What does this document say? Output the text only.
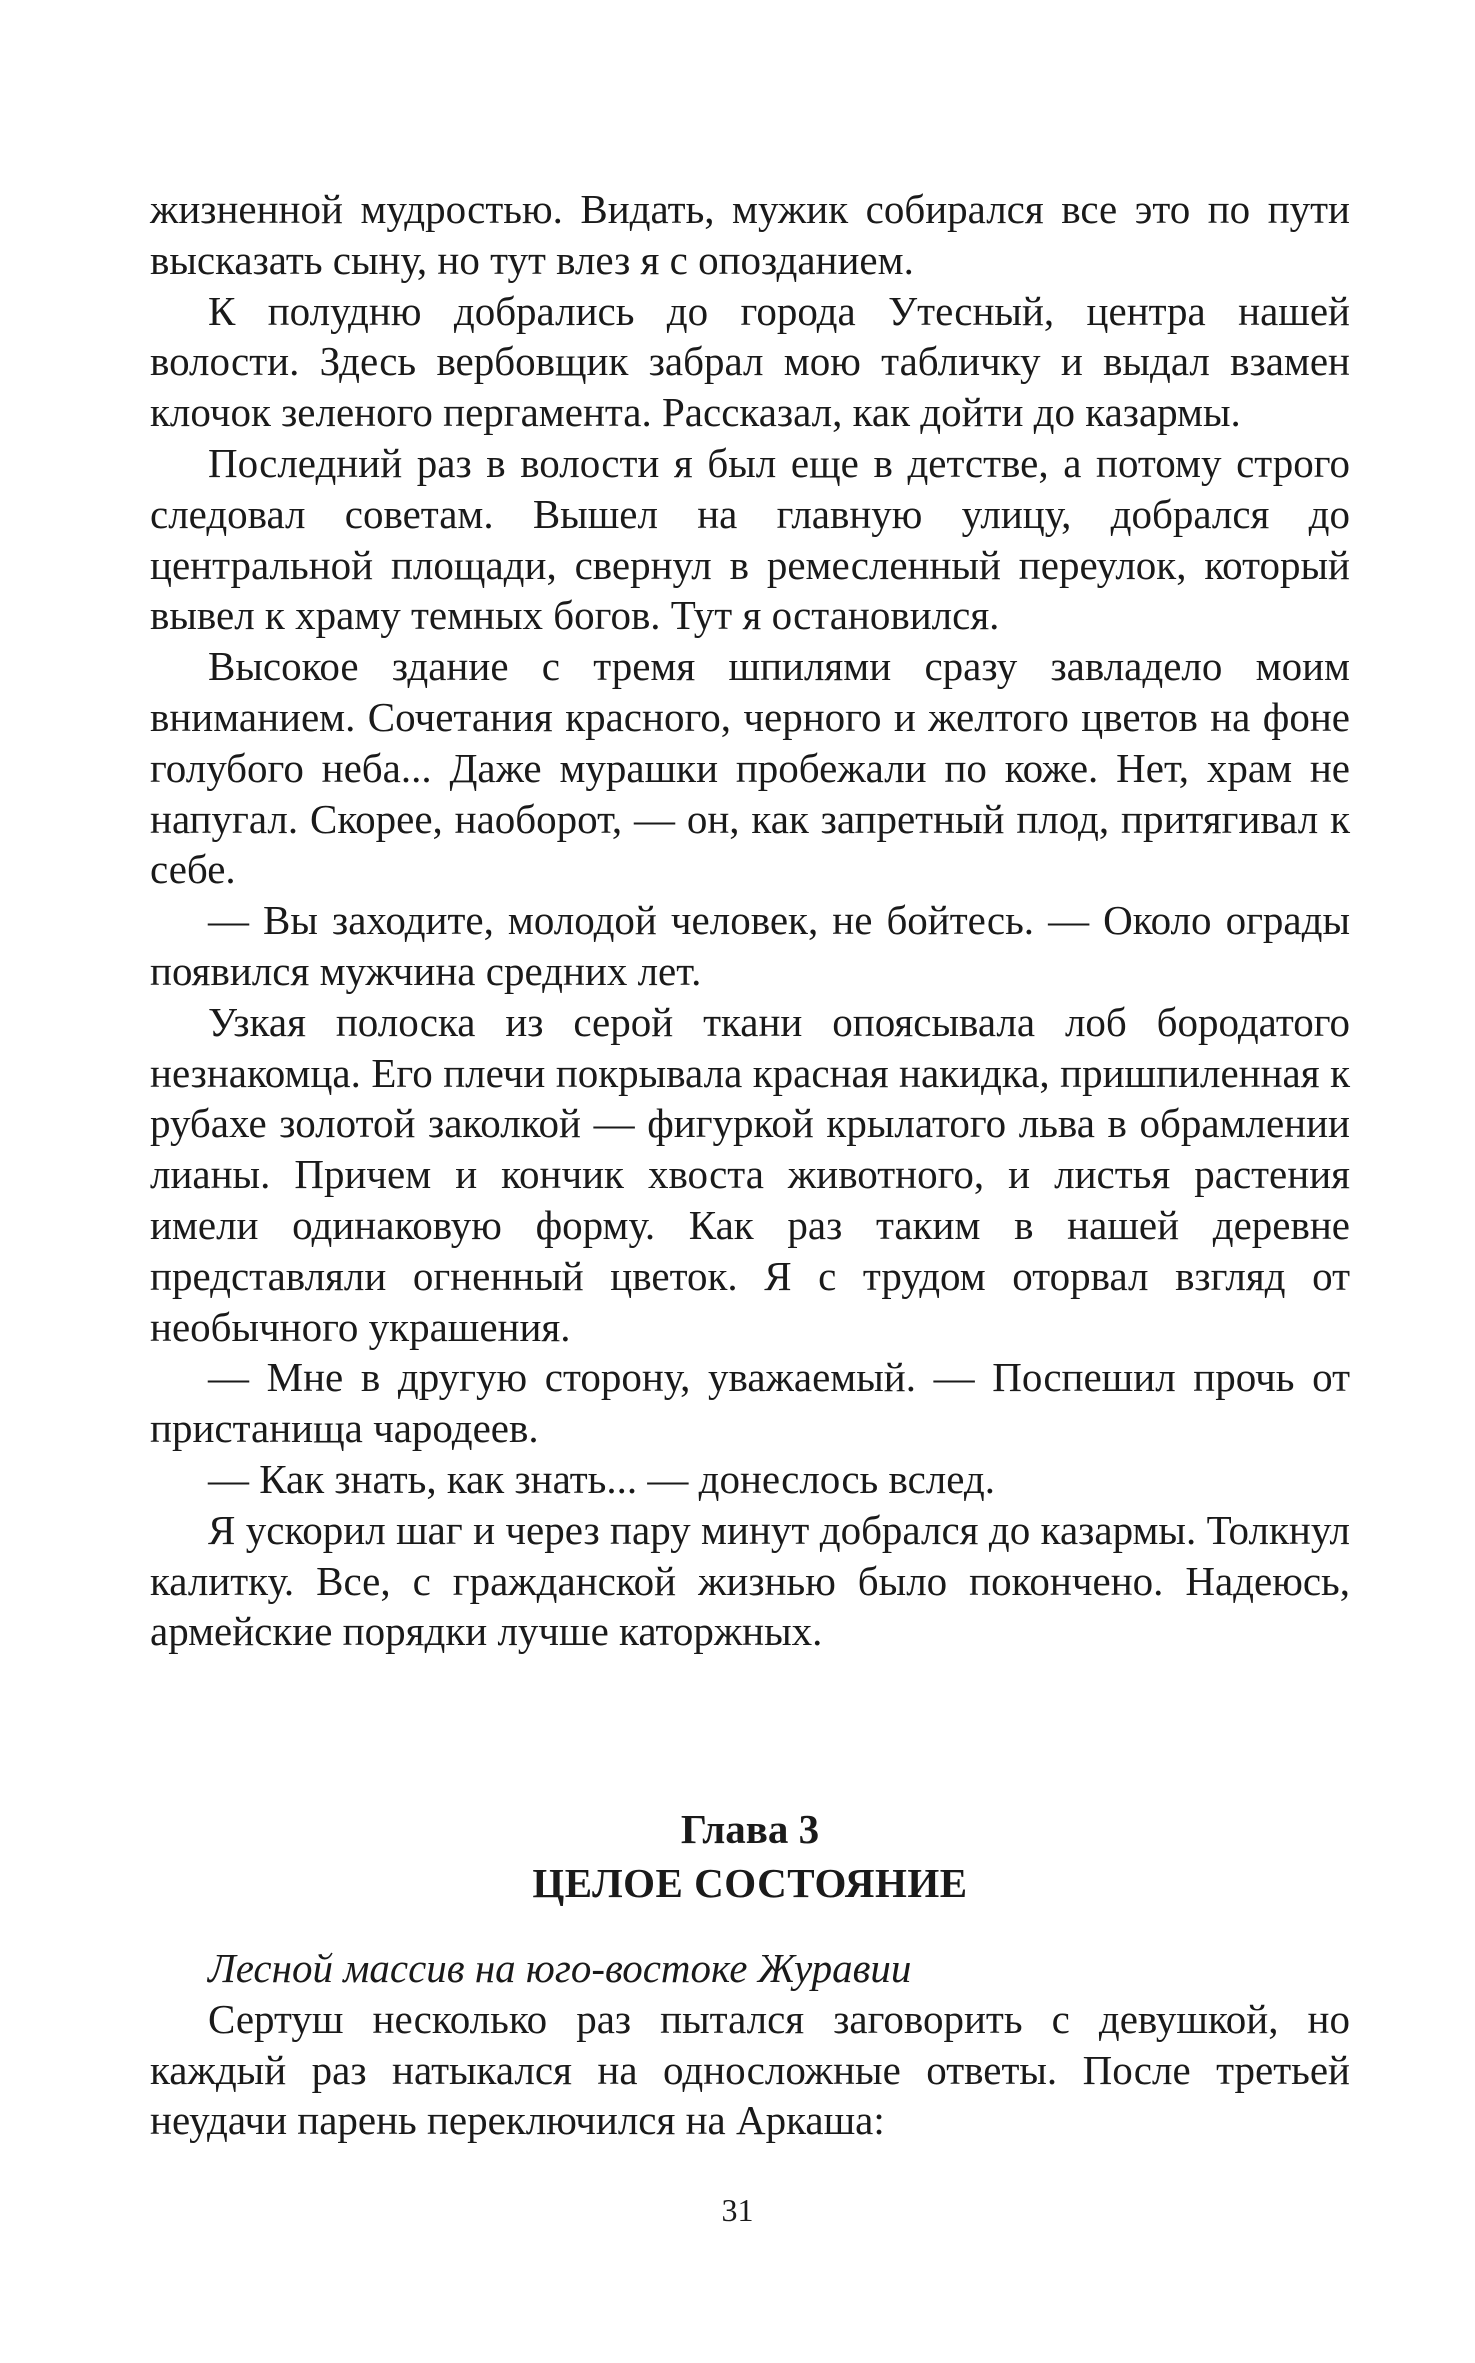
жизненной мудростью. Видать, мужик собирался все это по пути высказать сыну, но тут влез я с опозданием.

К полудню добрались до города Утесный, центра нашей волости. Здесь вербовщик забрал мою табличку и выдал взамен клочок зеленого пергамента. Рассказал, как дойти до казармы.

Последний раз в волости я был еще в детстве, а потому строго следовал советам. Вышел на главную улицу, добрался до центральной площади, свернул в ремесленный переулок, который вывел к храму темных богов. Тут я остановился.

Высокое здание с тремя шпилями сразу завладело моим вниманием. Сочетания красного, черного и желтого цветов на фоне голубого неба... Даже мурашки пробежали по коже. Нет, храм не напугал. Скорее, наоборот, — он, как запретный плод, притягивал к себе.

— Вы заходите, молодой человек, не бойтесь. — Около ограды появился мужчина средних лет.

Узкая полоска из серой ткани опоясывала лоб бородатого незнакомца. Его плечи покрывала красная накидка, пришпиленная к рубахе золотой заколкой — фигуркой крылатого льва в обрамлении лианы. Причем и кончик хвоста животного, и листья растения имели одинаковую форму. Как раз таким в нашей деревне представляли огненный цветок. Я с трудом оторвал взгляд от необычного украшения.

— Мне в другую сторону, уважаемый. — Поспешил прочь от пристанища чародеев.

— Как знать, как знать... — донеслось вслед.

Я ускорил шаг и через пару минут добрался до казармы. Толкнул калитку. Все, с гражданской жизнью было покончено. Надеюсь, армейские порядки лучше каторжных.

Глава 3
ЦЕЛОЕ СОСТОЯНИЕ

Лесной массив на юго-востоке Журавии

Сертуш несколько раз пытался заговорить с девушкой, но каждый раз натыкался на односложные ответы. После третьей неудачи парень переключился на Аркаша:

31
